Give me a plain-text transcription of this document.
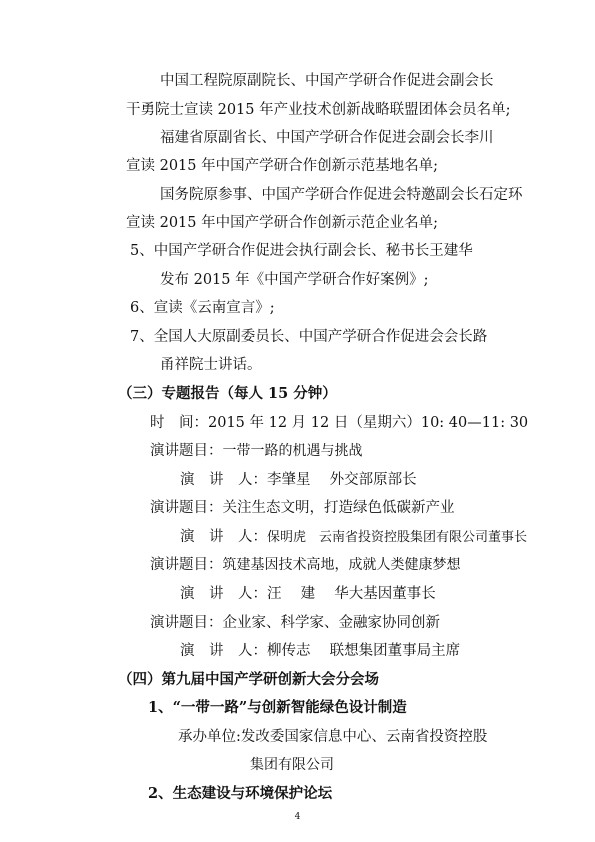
中国工程院原副院长、中国产学研合作促进会副会长
干勇院士宣读 2015 年产业技术创新战略联盟团体会员名单;
福建省原副省长、中国产学研合作促进会副会长李川
宣读 2015 年中国产学研合作创新示范基地名单;
国务院原参事、中国产学研合作促进会特邀副会长石定环
宣读 2015 年中国产学研合作创新示范企业名单;
5、中国产学研合作促进会执行副会长、秘书长王建华
发布 2015 年《中国产学研合作好案例》;
6、宣读《云南宣言》;
7、全国人大原副委员长、中国产学研合作促进会会长路
甬祥院士讲话。
（三）专题报告（每人 15 分钟）
时　间：2015 年 12 月 12 日（星期六）10: 40—11: 30
演讲题目：一带一路的机遇与挑战
演　讲　人：李肇星　 外交部原部长
演讲题目：关注生态文明，打造绿色低碳新产业
演　讲　人：保明虎　云南省投资控股集团有限公司董事长
演讲题目：筑建基因技术高地，成就人类健康梦想
演　讲　人：汪　 建　 华大基因董事长
演讲题目：企业家、科学家、金融家协同创新
演　讲　人：柳传志　 联想集团董事局主席
（四）第九届中国产学研创新大会分会场
1、“一带一路”与创新智能绿色设计制造
承办单位:发改委国家信息中心、云南省投资控股
集团有限公司
2、生态建设与环境保护论坛
4
